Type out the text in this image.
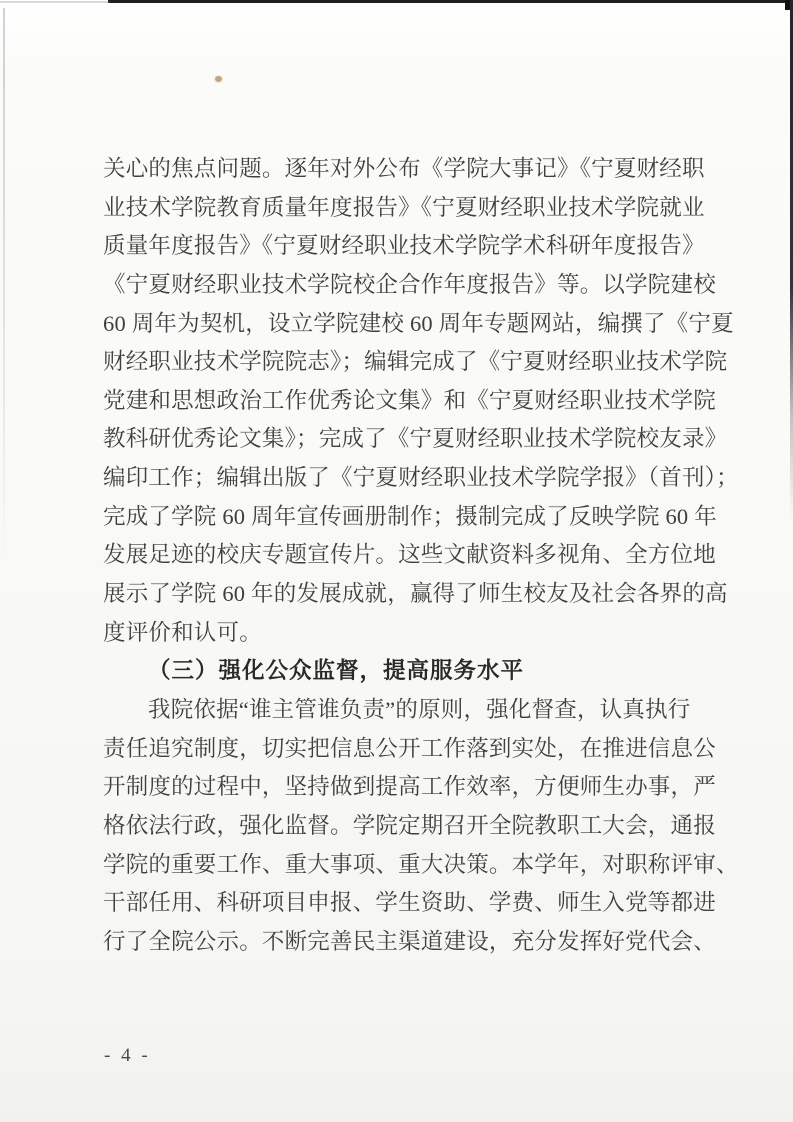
关心的焦点问题。逐年对外公布《学院大事记》《宁夏财经职
业技术学院教育质量年度报告》《宁夏财经职业技术学院就业
质量年度报告》《宁夏财经职业技术学院学术科研年度报告》
《宁夏财经职业技术学院校企合作年度报告》等。以学院建校
60 周年为契机，设立学院建校 60 周年专题网站，编撰了《宁夏
财经职业技术学院院志》；编辑完成了《宁夏财经职业技术学院
党建和思想政治工作优秀论文集》和《宁夏财经职业技术学院
教科研优秀论文集》；完成了《宁夏财经职业技术学院校友录》
编印工作；编辑出版了《宁夏财经职业技术学院学报》（首刊）；
完成了学院 60 周年宣传画册制作；摄制完成了反映学院 60 年
发展足迹的校庆专题宣传片。这些文献资料多视角、全方位地
展示了学院 60 年的发展成就，赢得了师生校友及社会各界的高
度评价和认可。
（三）强化公众监督，提高服务水平
我院依据“谁主管谁负责”的原则，强化督查，认真执行
责任追究制度，切实把信息公开工作落到实处，在推进信息公
开制度的过程中，坚持做到提高工作效率，方便师生办事，严
格依法行政，强化监督。学院定期召开全院教职工大会，通报
学院的重要工作、重大事项、重大决策。本学年，对职称评审、
干部任用、科研项目申报、学生资助、学费、师生入党等都进
行了全院公示。不断完善民主渠道建设，充分发挥好党代会、
- 4 -
